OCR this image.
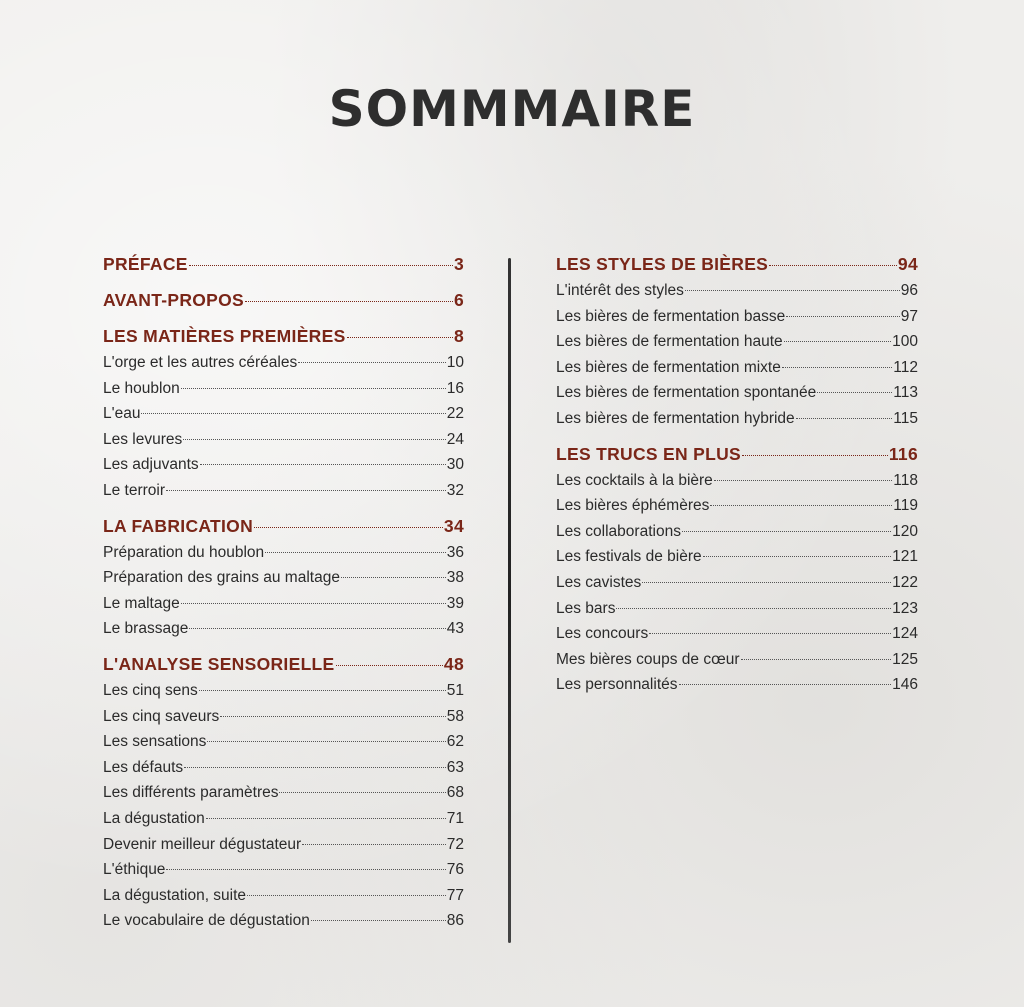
SOMMMAIRE
PRÉFACE	3
AVANT-PROPOS	6
LES MATIÈRES PREMIÈRES	8
L'orge et les autres céréales	10
Le houblon	16
L'eau	22
Les levures	24
Les adjuvants	30
Le terroir	32
LA FABRICATION	34
Préparation du houblon	36
Préparation des grains au maltage	38
Le maltage	39
Le brassage	43
L'ANALYSE SENSORIELLE	48
Les cinq sens	51
Les cinq saveurs	58
Les sensations	62
Les défauts	63
Les différents paramètres	68
La dégustation	71
Devenir meilleur dégustateur	72
L'éthique	76
La dégustation, suite	77
Le vocabulaire de dégustation	86
LES STYLES DE BIÈRES	94
L'intérêt des styles	96
Les bières de fermentation basse	97
Les bières de fermentation haute	100
Les bières de fermentation mixte	112
Les bières de fermentation spontanée	113
Les bières de fermentation hybride	115
LES TRUCS EN PLUS	116
Les cocktails à la bière	118
Les bières éphémères	119
Les collaborations	120
Les festivals de bière	121
Les cavistes	122
Les bars	123
Les concours	124
Mes bières coups de cœur	125
Les personnalités	146
